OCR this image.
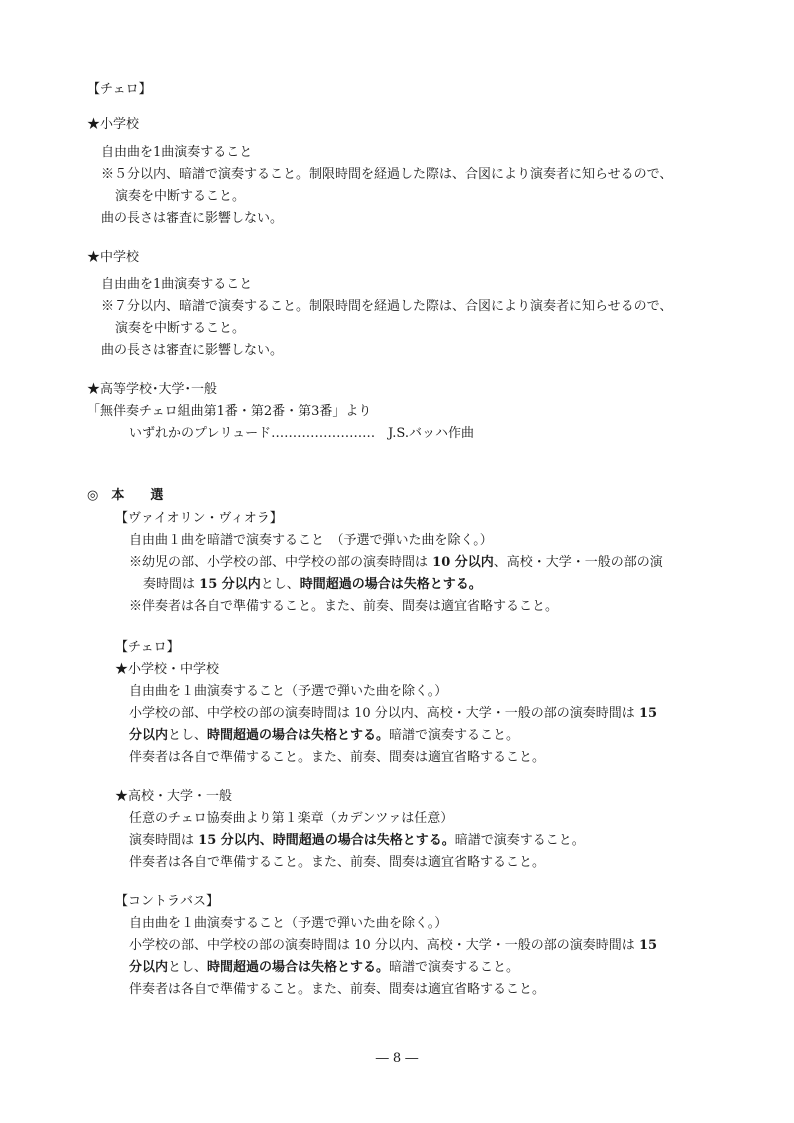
【チェロ】
★小学校
自由曲を1曲演奏すること
※５分以内、暗譜で演奏すること。制限時間を経過した際は、合図により演奏者に知らせるので、
演奏を中断すること。
曲の長さは審査に影響しない。
★中学校
自由曲を1曲演奏すること
※７分以内、暗譜で演奏すること。制限時間を経過した際は、合図により演奏者に知らせるので、
演奏を中断すること。
曲の長さは審査に影響しない。
★高等学校･大学･一般
「無伴奏チェロ組曲第1番・第2番・第3番」より
いずれかのプレリュード……………………　J.S.バッハ作曲
◎　本　　選
【ヴァイオリン・ヴィオラ】
自由曲１曲を暗譜で演奏すること　（予選で弾いた曲を除く。）
※幼児の部、小学校の部、中学校の部の演奏時間は 10 分以内、高校・大学・一般の部の演
奏時間は 15 分以内とし、時間超過の場合は失格とする。
※伴奏者は各自で準備すること。また、前奏、間奏は適宜省略すること。
【チェロ】
★小学校・中学校
自由曲を１曲演奏すること（予選で弾いた曲を除く。）
小学校の部、中学校の部の演奏時間は 10 分以内、高校・大学・一般の部の演奏時間は 15
分以内とし、時間超過の場合は失格とする。暗譜で演奏すること。
伴奏者は各自で準備すること。また、前奏、間奏は適宜省略すること。
★高校・大学・一般
任意のチェロ協奏曲より第１楽章（カデンツァは任意）
演奏時間は 15 分以内、時間超過の場合は失格とする。暗譜で演奏すること。
伴奏者は各自で準備すること。また、前奏、間奏は適宜省略すること。
【コントラバス】
自由曲を１曲演奏すること（予選で弾いた曲を除く。）
小学校の部、中学校の部の演奏時間は 10 分以内、高校・大学・一般の部の演奏時間は 15
分以内とし、時間超過の場合は失格とする。暗譜で演奏すること。
伴奏者は各自で準備すること。また、前奏、間奏は適宜省略すること。
― 8 ―
